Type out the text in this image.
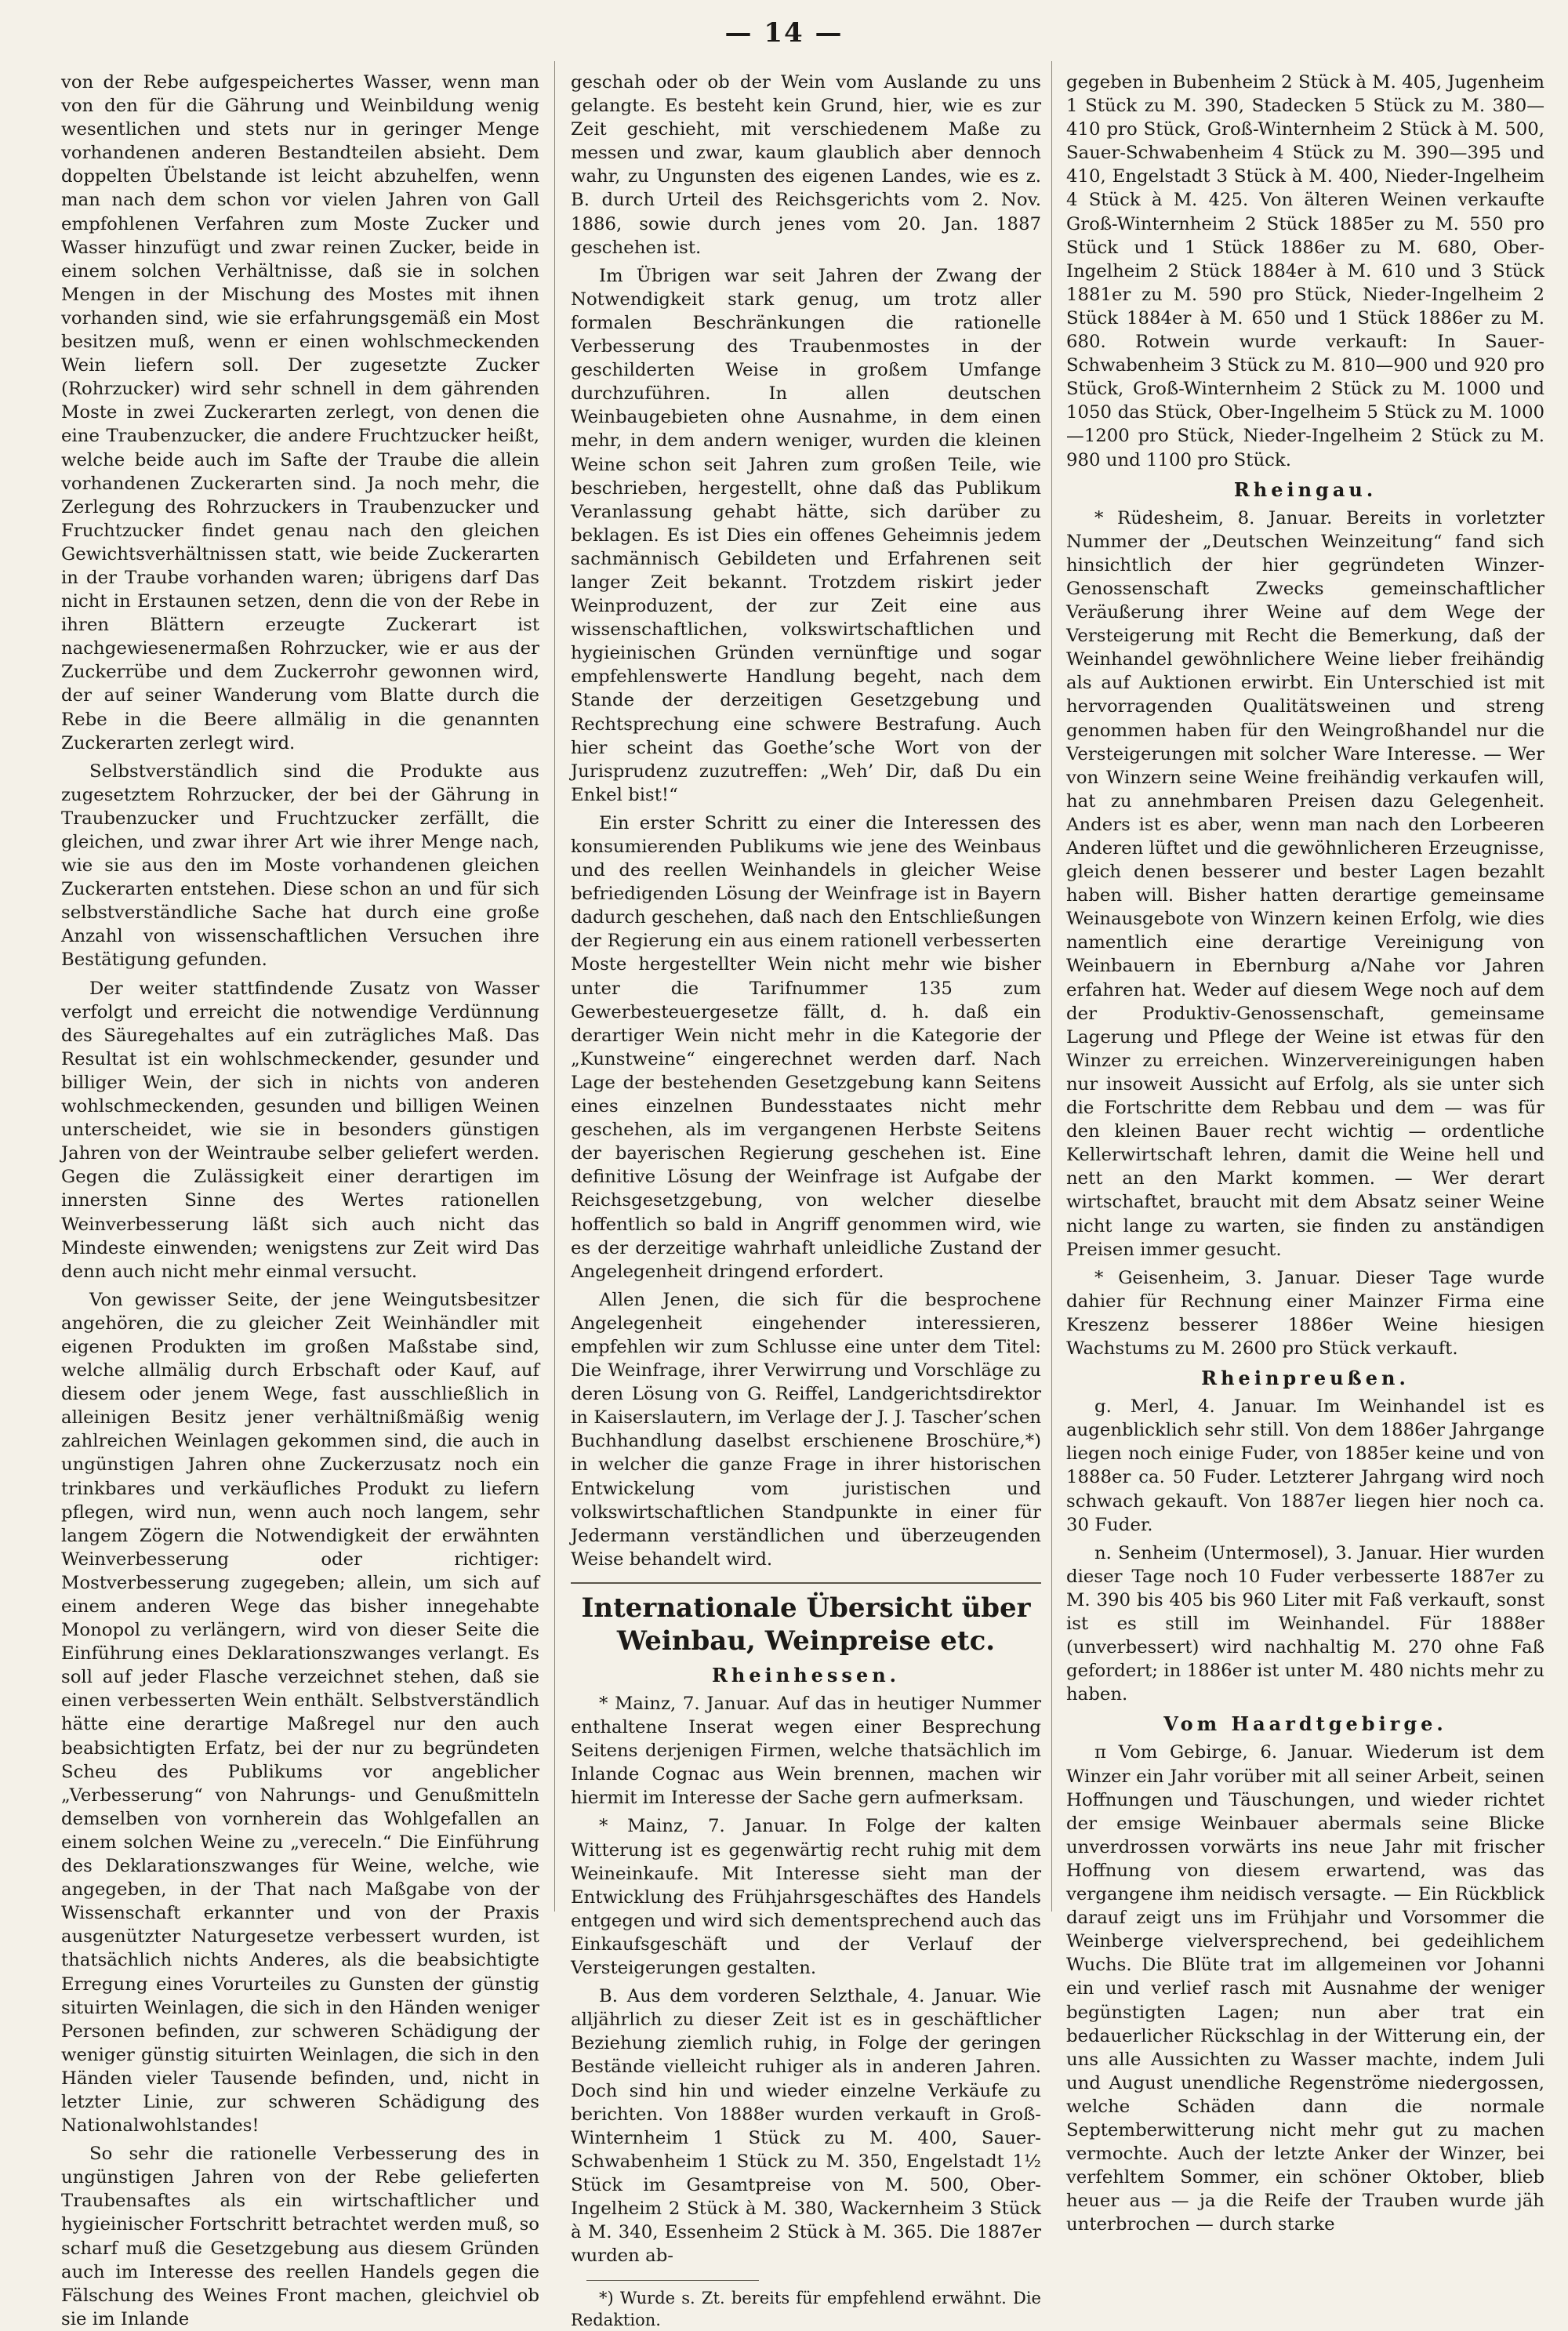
— 14 —

von der Rebe aufgespeichertes Wasser, wenn man von den für die Gährung und Weinbildung wenig wesentlichen und stets nur in geringer Menge vorhandenen anderen Bestandteilen absieht. Dem doppelten Übelstande ist leicht abzuhelfen, wenn man nach dem schon vor vielen Jahren von Gall empfohlenen Verfahren zum Moste Zucker und Wasser hinzufügt und zwar reinen Zucker, beide in einem solchen Verhältnisse, daß sie in solchen Mengen in der Mischung des Mostes mit ihnen vorhanden sind, wie sie erfahrungsgemäß ein Most besitzen muß, wenn er einen wohlschmeckenden Wein liefern soll. Der zugesetzte Zucker (Rohrzucker) wird sehr schnell in dem gährenden Moste in zwei Zuckerarten zerlegt, von denen die eine Traubenzucker, die andere Fruchtzucker heißt, welche beide auch im Safte der Traube die allein vorhandenen Zuckerarten sind. Ja noch mehr, die Zerlegung des Rohrzuckers in Traubenzucker und Fruchtzucker findet genau nach den gleichen Gewichtsverhältnissen statt, wie beide Zuckerarten in der Traube vorhanden waren; übrigens darf Das nicht in Erstaunen setzen, denn die von der Rebe in ihren Blättern erzeugte Zuckerart ist nachgewiesenermaßen Rohrzucker, wie er aus der Zuckerrübe und dem Zuckerrohr gewonnen wird, der auf seiner Wanderung vom Blatte durch die Rebe in die Beere allmälig in die genannten Zuckerarten zerlegt wird.

Selbstverständlich sind die Produkte aus zugesetztem Rohrzucker, der bei der Gährung in Traubenzucker und Fruchtzucker zerfällt, die gleichen, und zwar ihrer Art wie ihrer Menge nach, wie sie aus den im Moste vorhandenen gleichen Zuckerarten entstehen. Diese schon an und für sich selbstverständliche Sache hat durch eine große Anzahl von wissenschaftlichen Versuchen ihre Bestätigung gefunden.

Der weiter stattfindende Zusatz von Wasser verfolgt und erreicht die notwendige Verdünnung des Säuregehaltes auf ein zuträgliches Maß. Das Resultat ist ein wohlschmeckender, gesunder und billiger Wein, der sich in nichts von anderen wohlschmeckenden, gesunden und billigen Weinen unterscheidet, wie sie in besonders günstigen Jahren von der Weintraube selber geliefert werden. Gegen die Zulässigkeit einer derartigen im innersten Sinne des Wertes rationellen Weinverbesserung läßt sich auch nicht das Mindeste einwenden; wenigstens zur Zeit wird Das denn auch nicht mehr einmal versucht.

Von gewisser Seite, der jene Weingutsbesitzer angehören, die zu gleicher Zeit Weinhändler mit eigenen Produkten im großen Maßstabe sind, welche allmälig durch Erbschaft oder Kauf, auf diesem oder jenem Wege, fast ausschließlich in alleinigen Besitz jener verhältnißmäßig wenig zahlreichen Weinlagen gekommen sind, die auch in ungünstigen Jahren ohne Zuckerzusatz noch ein trinkbares und verkäufliches Produkt zu liefern pflegen, wird nun, wenn auch noch langem, sehr langem Zögern die Notwendigkeit der erwähnten Weinverbesserung oder richtiger: Mostverbesserung zugegeben; allein, um sich auf einem anderen Wege das bisher innegehabte Monopol zu verlängern, wird von dieser Seite die Einführung eines Deklarationszwanges verlangt. Es soll auf jeder Flasche verzeichnet stehen, daß sie einen verbesserten Wein enthält. Selbstverständlich hätte eine derartige Maßregel nur den auch beabsichtigten Erfatz, bei der nur zu begründeten Scheu des Publikums vor angeblicher „Verbesserung“ von Nahrungs- und Genußmitteln demselben von vornherein das Wohlgefallen an einem solchen Weine zu „vereceln.“ Die Einführung des Deklarationszwanges für Weine, welche, wie angegeben, in der That nach Maßgabe von der Wissenschaft erkannter und von der Praxis ausgenützter Naturgesetze verbessert wurden, ist thatsächlich nichts Anderes, als die beabsichtigte Erregung eines Vorurteiles zu Gunsten der günstig situirten Weinlagen, die sich in den Händen weniger Personen befinden, zur schweren Schädigung der weniger günstig situirten Weinlagen, die sich in den Händen vieler Tausende befinden, und, nicht in letzter Linie, zur schweren Schädigung des Nationalwohlstandes!

So sehr die rationelle Verbesserung des in ungünstigen Jahren von der Rebe gelieferten Traubensaftes als ein wirtschaftlicher und hygieinischer Fortschritt betrachtet werden muß, so scharf muß die Gesetzgebung aus diesem Gründen auch im Interesse des reellen Handels gegen die Fälschung des Weines Front machen, gleichviel ob sie im Inlande

geschah oder ob der Wein vom Auslande zu uns gelangte. Es besteht kein Grund, hier, wie es zur Zeit geschieht, mit verschiedenem Maße zu messen und zwar, kaum glaublich aber dennoch wahr, zu Ungunsten des eigenen Landes, wie es z. B. durch Urteil des Reichsgerichts vom 2. Nov. 1886, sowie durch jenes vom 20. Jan. 1887 geschehen ist.

Im Übrigen war seit Jahren der Zwang der Notwendigkeit stark genug, um trotz aller formalen Beschränkungen die rationelle Verbesserung des Traubenmostes in der geschilderten Weise in großem Umfange durchzuführen. In allen deutschen Weinbaugebieten ohne Ausnahme, in dem einen mehr, in dem andern weniger, wurden die kleinen Weine schon seit Jahren zum großen Teile, wie beschrieben, hergestellt, ohne daß das Publikum Veranlassung gehabt hätte, sich darüber zu beklagen. Es ist Dies ein offenes Geheimnis jedem sachmännisch Gebildeten und Erfahrenen seit langer Zeit bekannt. Trotzdem riskirt jeder Weinproduzent, der zur Zeit eine aus wissenschaftlichen, volkswirtschaftlichen und hygieinischen Gründen vernünftige und sogar empfehlenswerte Handlung begeht, nach dem Stande der derzeitigen Gesetzgebung und Rechtsprechung eine schwere Bestrafung. Auch hier scheint das Goethe’sche Wort von der Jurisprudenz zuzutreffen: „Weh’ Dir, daß Du ein Enkel bist!“

Ein erster Schritt zu einer die Interessen des konsumierenden Publikums wie jene des Weinbaus und des reellen Weinhandels in gleicher Weise befriedigenden Lösung der Weinfrage ist in Bayern dadurch geschehen, daß nach den Entschließungen der Regierung ein aus einem rationell verbesserten Moste hergestellter Wein nicht mehr wie bisher unter die Tarifnummer 135 zum Gewerbesteuergesetze fällt, d. h. daß ein derartiger Wein nicht mehr in die Kategorie der „Kunstweine“ eingerechnet werden darf. Nach Lage der bestehenden Gesetzgebung kann Seitens eines einzelnen Bundesstaates nicht mehr geschehen, als im vergangenen Herbste Seitens der bayerischen Regierung geschehen ist. Eine definitive Lösung der Weinfrage ist Aufgabe der Reichsgesetzgebung, von welcher dieselbe hoffentlich so bald in Angriff genommen wird, wie es der derzeitige wahrhaft unleidliche Zustand der Angelegenheit dringend erfordert.

Allen Jenen, die sich für die besprochene Angelegenheit eingehender interessieren, empfehlen wir zum Schlusse eine unter dem Titel: Die Weinfrage, ihrer Verwirrung und Vorschläge zu deren Lösung von G. Reiffel, Landgerichtsdirektor in Kaiserslautern, im Verlage der J. J. Tascher’schen Buchhandlung daselbst erschienene Broschüre,*) in welcher die ganze Frage in ihrer historischen Entwickelung vom juristischen und volkswirtschaftlichen Standpunkte in einer für Jedermann verständlichen und überzeugenden Weise behandelt wird.

Internationale Übersicht über Weinbau, Weinpreise etc.
Rheinhessen.

* Mainz, 7. Januar. Auf das in heutiger Nummer enthaltene Inserat wegen einer Besprechung Seitens derjenigen Firmen, welche thatsächlich im Inlande Cognac aus Wein brennen, machen wir hiermit im Interesse der Sache gern aufmerksam.

* Mainz, 7. Januar. In Folge der kalten Witterung ist es gegenwärtig recht ruhig mit dem Weineinkaufe. Mit Interesse sieht man der Entwicklung des Frühjahrsgeschäftes des Handels entgegen und wird sich dementsprechend auch das Einkaufsgeschäft und der Verlauf der Versteigerungen gestalten.

B. Aus dem vorderen Selzthale, 4. Januar. Wie alljährlich zu dieser Zeit ist es in geschäftlicher Beziehung ziemlich ruhig, in Folge der geringen Bestände vielleicht ruhiger als in anderen Jahren. Doch sind hin und wieder einzelne Verkäufe zu berichten. Von 1888er wurden verkauft in Groß-Winternheim 1 Stück zu M. 400, Sauer-Schwabenheim 1 Stück zu M. 350, Engelstadt 1½ Stück im Gesamtpreise von M. 500, Ober-Ingelheim 2 Stück à M. 380, Wackernheim 3 Stück à M. 340, Essenheim 2 Stück à M. 365. Die 1887er wurden ab-

*) Wurde s. Zt. bereits für empfehlend erwähnt. Die Redaktion.

gegeben in Bubenheim 2 Stück à M. 405, Jugenheim 1 Stück zu M. 390, Stadecken 5 Stück zu M. 380—410 pro Stück, Groß-Winternheim 2 Stück à M. 500, Sauer-Schwabenheim 4 Stück zu M. 390—395 und 410, Engelstadt 3 Stück à M. 400, Nieder-Ingelheim 4 Stück à M. 425. Von älteren Weinen verkaufte Groß-Winternheim 2 Stück 1885er zu M. 550 pro Stück und 1 Stück 1886er zu M. 680, Ober-Ingelheim 2 Stück 1884er à M. 610 und 3 Stück 1881er zu M. 590 pro Stück, Nieder-Ingelheim 2 Stück 1884er à M. 650 und 1 Stück 1886er zu M. 680. Rotwein wurde verkauft: In Sauer-Schwabenheim 3 Stück zu M. 810—900 und 920 pro Stück, Groß-Winternheim 2 Stück zu M. 1000 und 1050 das Stück, Ober-Ingelheim 5 Stück zu M. 1000—1200 pro Stück, Nieder-Ingelheim 2 Stück zu M. 980 und 1100 pro Stück.

Rheingau.

* Rüdesheim, 8. Januar. Bereits in vorletzter Nummer der „Deutschen Weinzeitung“ fand sich hinsichtlich der hier gegründeten Winzer-Genossenschaft Zwecks gemeinschaftlicher Veräußerung ihrer Weine auf dem Wege der Versteigerung mit Recht die Bemerkung, daß der Weinhandel gewöhnlichere Weine lieber freihändig als auf Auktionen erwirbt. Ein Unterschied ist mit hervorragenden Qualitätsweinen und streng genommen haben für den Weingroßhandel nur die Versteigerungen mit solcher Ware Interesse. — Wer von Winzern seine Weine freihändig verkaufen will, hat zu annehmbaren Preisen dazu Gelegenheit. Anders ist es aber, wenn man nach den Lorbeeren Anderen lüftet und die gewöhnlicheren Erzeugnisse, gleich denen besserer und bester Lagen bezahlt haben will. Bisher hatten derartige gemeinsame Weinausgebote von Winzern keinen Erfolg, wie dies namentlich eine derartige Vereinigung von Weinbauern in Ebernburg a/Nahe vor Jahren erfahren hat. Weder auf diesem Wege noch auf dem der Produktiv-Genossenschaft, gemeinsame Lagerung und Pflege der Weine ist etwas für den Winzer zu erreichen. Winzervereinigungen haben nur insoweit Aussicht auf Erfolg, als sie unter sich die Fortschritte dem Rebbau und dem — was für den kleinen Bauer recht wichtig — ordentliche Kellerwirtschaft lehren, damit die Weine hell und nett an den Markt kommen. — Wer derart wirtschaftet, braucht mit dem Absatz seiner Weine nicht lange zu warten, sie finden zu anständigen Preisen immer gesucht.

* Geisenheim, 3. Januar. Dieser Tage wurde dahier für Rechnung einer Mainzer Firma eine Kreszenz besserer 1886er Weine hiesigen Wachstums zu M. 2600 pro Stück verkauft.

Rheinpreußen.

g. Merl, 4. Januar. Im Weinhandel ist es augenblicklich sehr still. Von dem 1886er Jahrgange liegen noch einige Fuder, von 1885er keine und von 1888er ca. 50 Fuder. Letzterer Jahrgang wird noch schwach gekauft. Von 1887er liegen hier noch ca. 30 Fuder.

n. Senheim (Untermosel), 3. Januar. Hier wurden dieser Tage noch 10 Fuder verbesserte 1887er zu M. 390 bis 405 bis 960 Liter mit Faß verkauft, sonst ist es still im Weinhandel. Für 1888er (unverbessert) wird nachhaltig M. 270 ohne Faß gefordert; in 1886er ist unter M. 480 nichts mehr zu haben.

Vom Haardtgebirge.

π Vom Gebirge, 6. Januar. Wiederum ist dem Winzer ein Jahr vorüber mit all seiner Arbeit, seinen Hoffnungen und Täuschungen, und wieder richtet der emsige Weinbauer abermals seine Blicke unverdrossen vorwärts ins neue Jahr mit frischer Hoffnung von diesem erwartend, was das vergangene ihm neidisch versagte. — Ein Rückblick darauf zeigt uns im Frühjahr und Vorsommer die Weinberge vielversprechend, bei gedeihlichem Wuchs. Die Blüte trat im allgemeinen vor Johanni ein und verlief rasch mit Ausnahme der weniger begünstigten Lagen; nun aber trat ein bedauerlicher Rückschlag in der Witterung ein, der uns alle Aussichten zu Wasser machte, indem Juli und August unendliche Regenströme niedergossen, welche Schäden dann die normale Septemberwitterung nicht mehr gut zu machen vermochte. Auch der letzte Anker der Winzer, bei verfehltem Sommer, ein schöner Oktober, blieb heuer aus — ja die Reife der Trauben wurde jäh unterbrochen — durch starke
